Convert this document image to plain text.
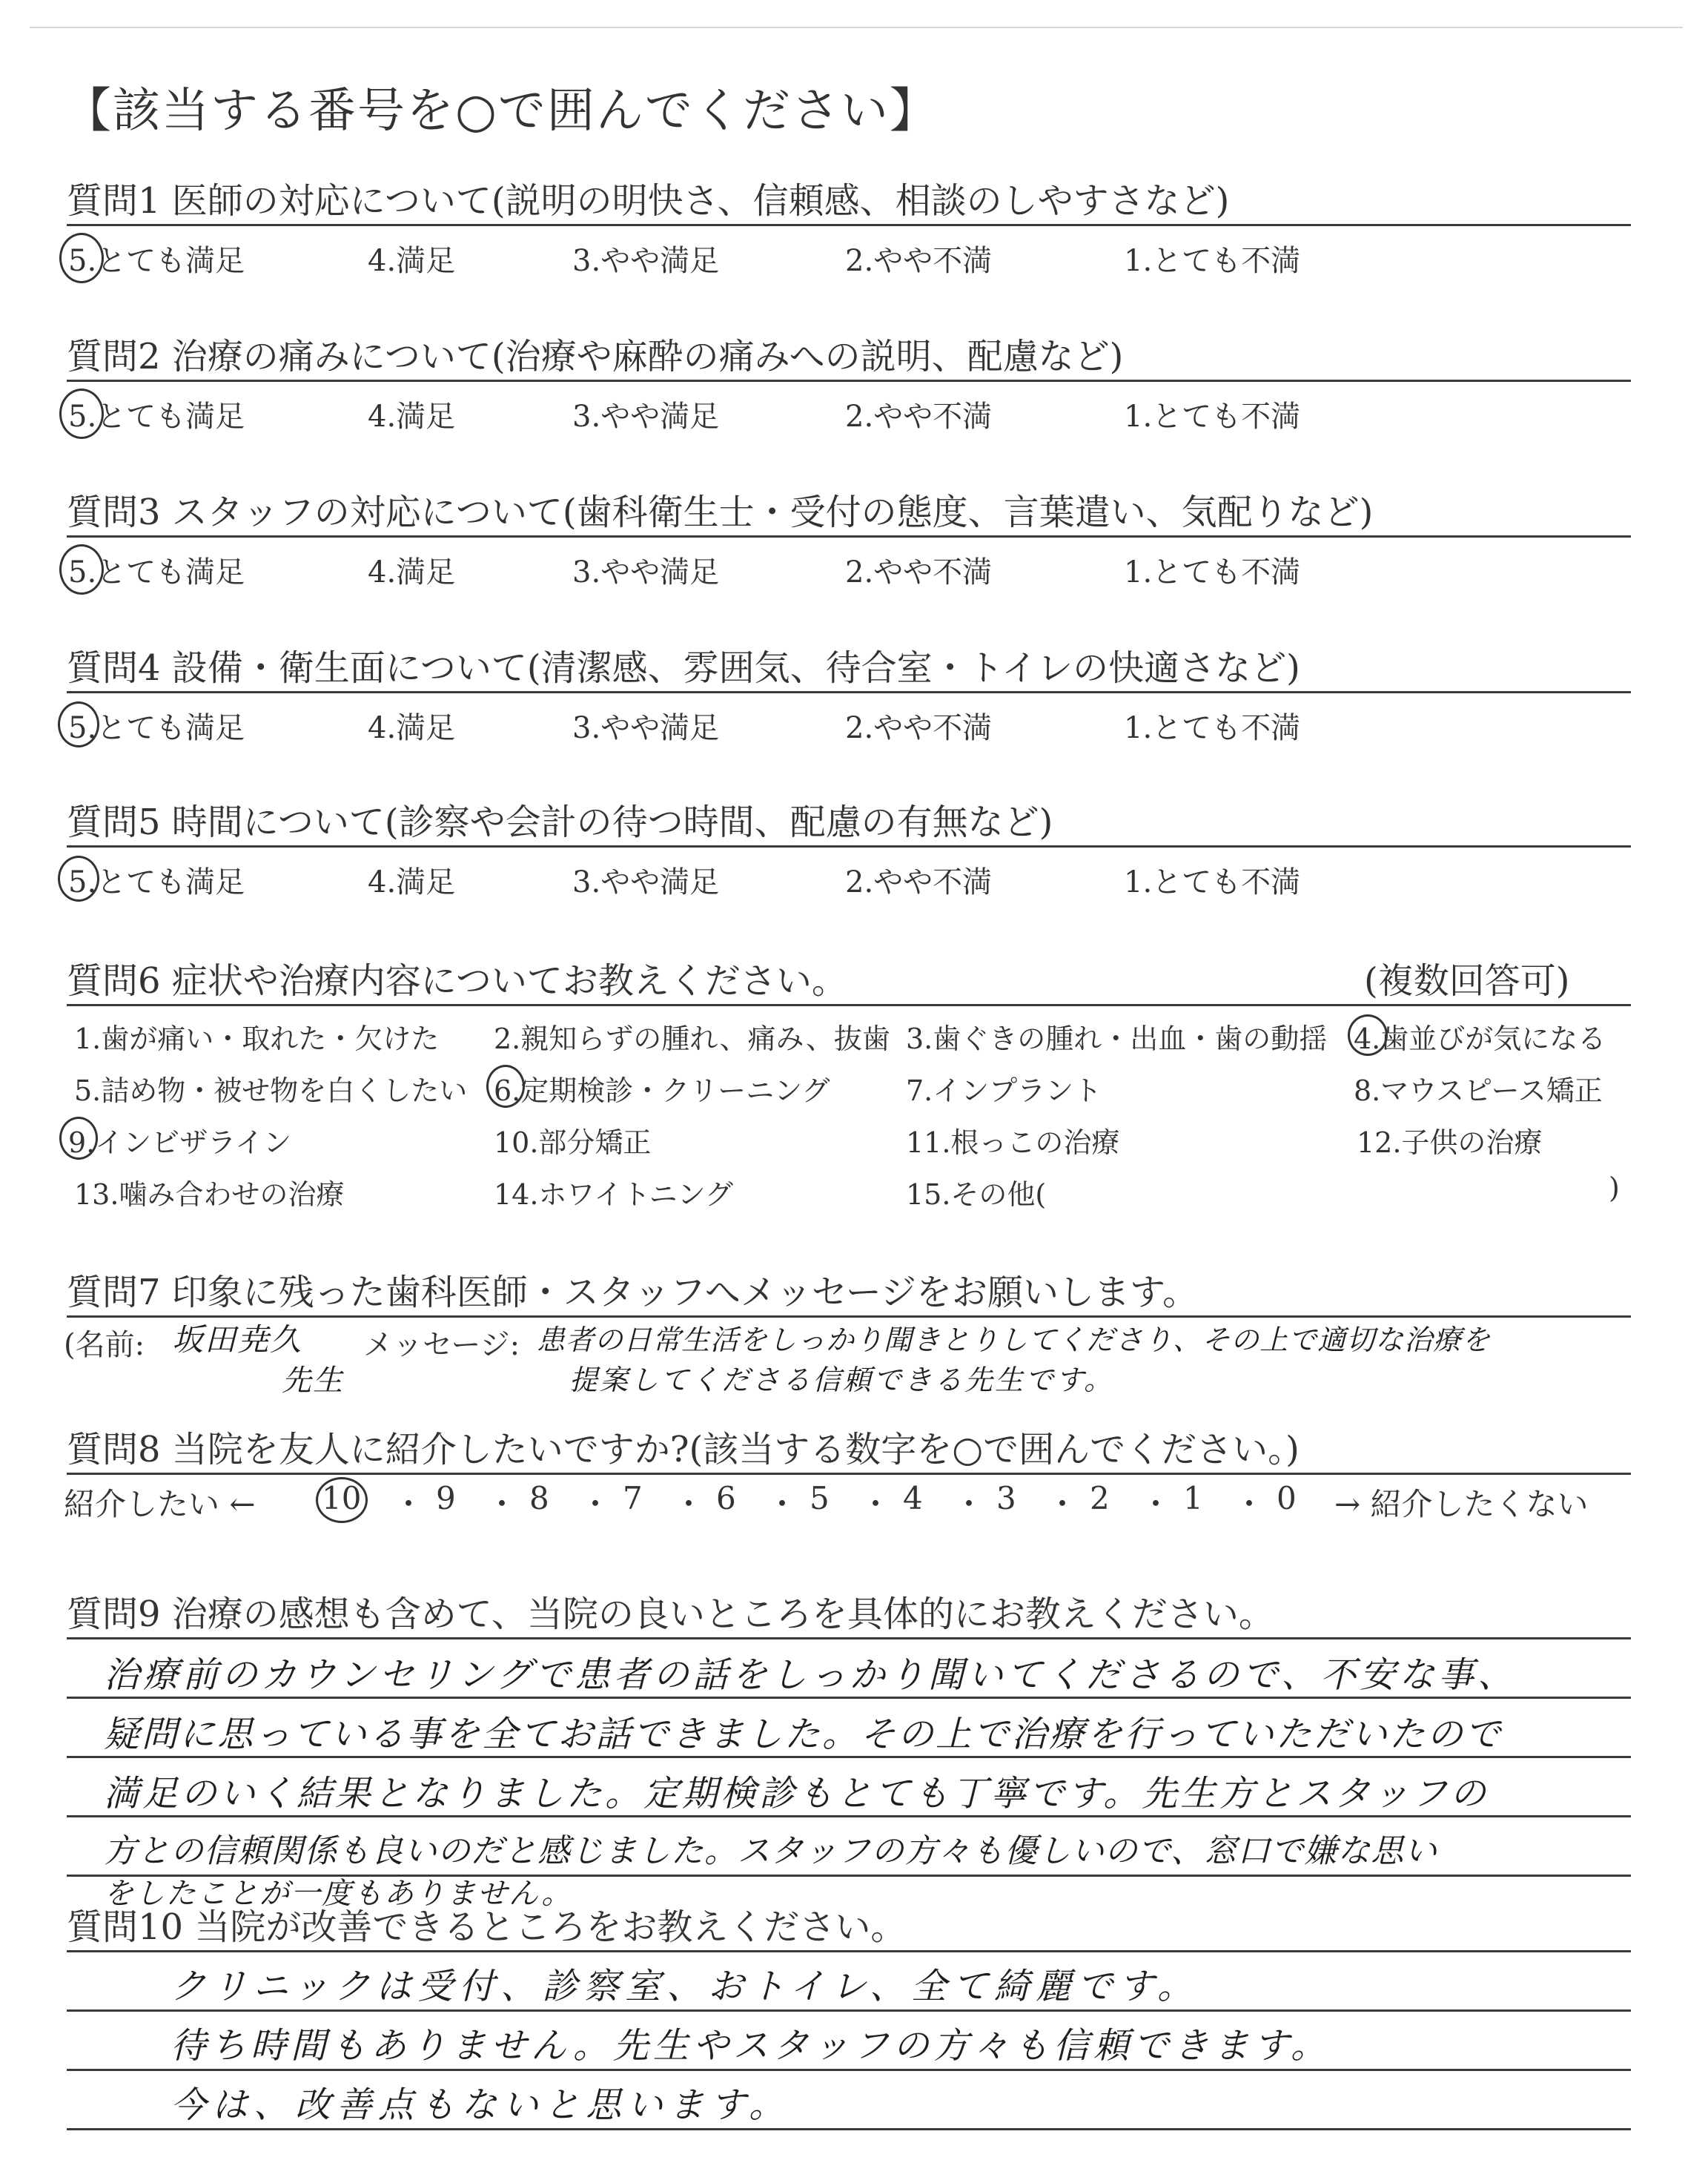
【該当する番号を○で囲んでください】
質問1 医師の対応について(説明の明快さ、信頼感、相談のしやすさなど)
5.とても満足	4.満足	3.やや満足	2.やや不満	1.とても不満
質問2 治療の痛みについて(治療や麻酔の痛みへの説明、配慮など)
5.とても満足	4.満足	3.やや満足	2.やや不満	1.とても不満
質問3 スタッフの対応について(歯科衛生士・受付の態度、言葉遣い、気配りなど)
5.とても満足	4.満足	3.やや満足	2.やや不満	1.とても不満
質問4 設備・衛生面について(清潔感、雰囲気、待合室・トイレの快適さなど)
5.とても満足	4.満足	3.やや満足	2.やや不満	1.とても不満
質問5 時間について(診察や会計の待つ時間、配慮の有無など)
5.とても満足	4.満足	3.やや満足	2.やや不満	1.とても不満
質問6 症状や治療内容についてお教えください。	(複数回答可)
1.歯が痛い・取れた・欠けた 2.親知らずの腫れ、痛み、抜歯 3.歯ぐきの腫れ・出血・歯の動揺 4.歯並びが気になる
5.詰め物・被せ物を白くしたい 6.定期検診・クリーニング	7.インプラント	8.マウスピース矯正
9.インビザライン	10.部分矯正	11.根っこの治療	12.子供の治療
13.噛み合わせの治療	14.ホワイトニング	15.その他(	)
質問7 印象に残った歯科医師・スタッフへメッセージをお願いします。
(名前: 坂田尭久
先生
メッセージ: 患者の日常生活をしっかり聞きとりしてくださり、その上で適切な治療を
提案してくださる信頼できる先生です。
質問8 当院を友人に紹介したいですか?(該当する数字を○で囲んでください。)
紹介したい ← 10 ・ 9 ・ 8 ・ 7 ・ 6 ・ 5 ・ 4 ・ 3 ・ 2 ・ 1 ・ 0 → 紹介したくない
質問9 治療の感想も含めて、当院の良いところを具体的にお教えください。
治療前のカウンセリングで患者の話をしっかり聞いてくださるので、不安な事、
疑問に思っている事を全てお話できました。その上で治療を行っていただいたので
満足のいく結果となりました。定期検診もとても丁寧です。先生方とスタッフの
方との信頼関係も良いのだと感じました。スタッフの方々も優しいので、窓口で嫌な思い
をしたことが一度もありません。
質問10 当院が改善できるところをお教えください。
クリニックは受付、診察室、おトイレ、全て綺麗です。
待ち時間もありません。先生やスタッフの方々も信頼できます。
今は、改善点もないと思います。
